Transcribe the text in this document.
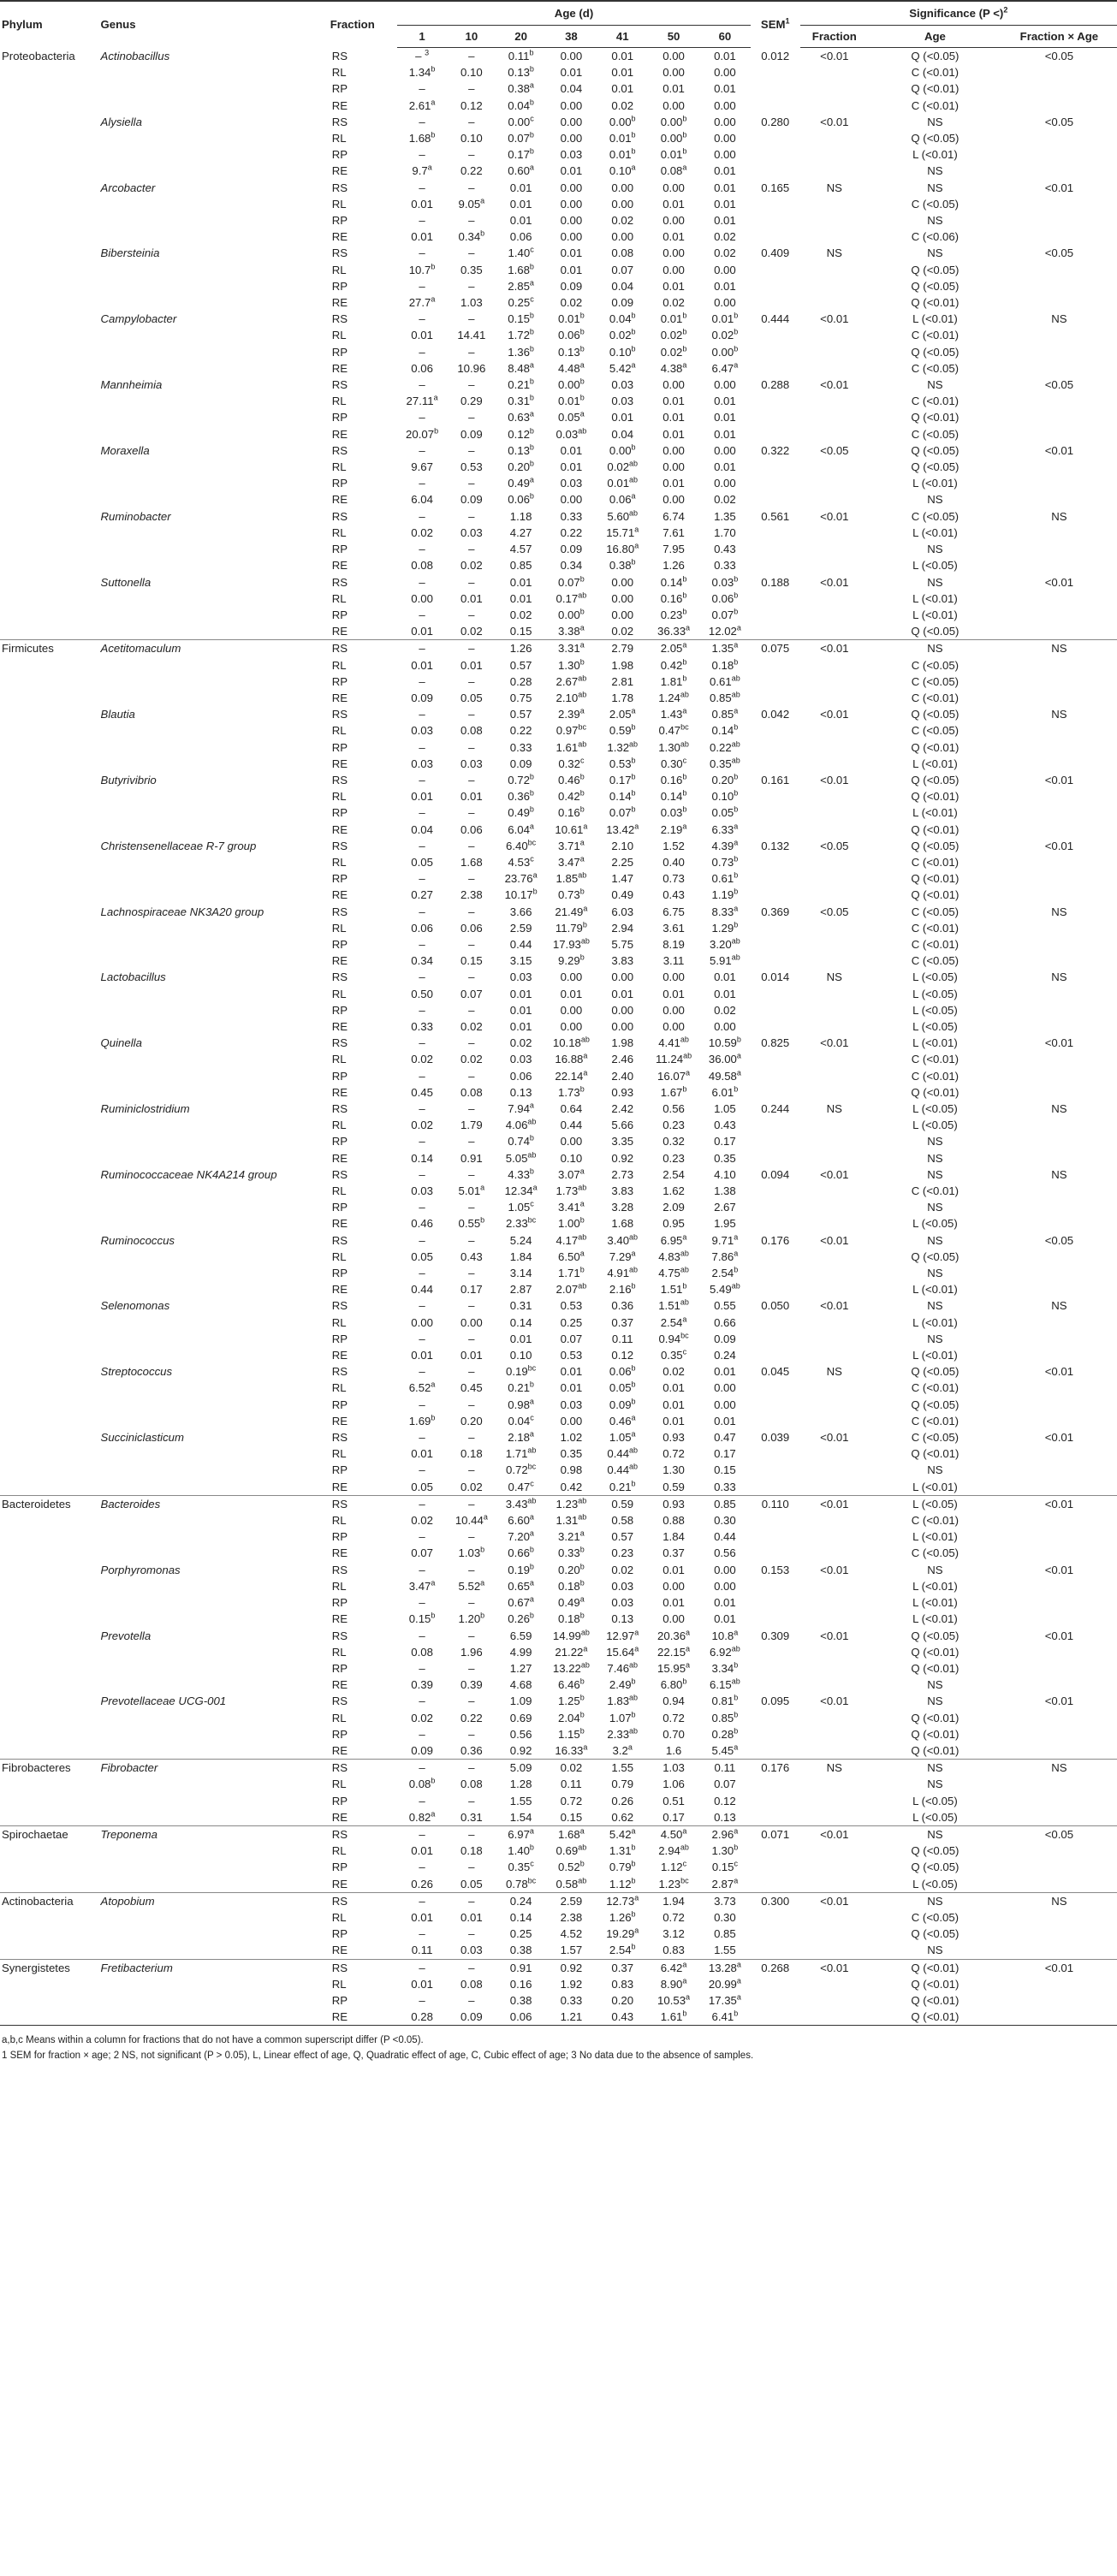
Phylum	Genus	Fraction	Age (d)							SEM$^1$	Significance (P <)$^2$
			1	10	20	38	41	50	60		Fraction	Age	Fraction × Age
Proteobacteria	Actinobacillus	RS	– $^3$	–	0.11$^b$	0.00	0.01	0.00	0.01	0.012	<0.01	Q (<0.05)	<0.05
		RL	1.34$^b$	0.10	0.13$^b$	0.01	0.01	0.00	0.00			C (<0.01)	
		RP	–	–	0.38$^a$	0.04	0.01	0.01	0.01			Q (<0.01)	
		RE	2.61$^a$	0.12	0.04$^b$	0.00	0.02	0.00	0.00			C (<0.01)	
	Alysiella	RS	–	–	0.00$^c$	0.00	0.00$^b$	0.00$^b$	0.00	0.280	<0.01	NS	<0.05
		RL	1.68$^b$	0.10	0.07$^b$	0.00	0.01$^b$	0.00$^b$	0.00			Q (<0.05)	
		RP	–	–	0.17$^b$	0.03	0.01$^b$	0.01$^b$	0.00			L (<0.01)	
		RE	9.7$^a$	0.22	0.60$^a$	0.01	0.10$^a$	0.08$^a$	0.01			NS	
	Arcobacter	RS	–	–	0.01	0.00	0.00	0.00	0.01	0.165	NS	NS	<0.01
		RL	0.01	9.05$^a$	0.01	0.00	0.00	0.01	0.01			C (<0.05)	
		RP	–	–	0.01	0.00	0.02	0.00	0.01			NS	
		RE	0.01	0.34$^b$	0.06	0.00	0.00	0.01	0.02			C (<0.06)	
	Bibersteinia	RS	–	–	1.40$^c$	0.01	0.08	0.00	0.02	0.409	NS	NS	<0.05
		RL	10.7$^b$	0.35	1.68$^b$	0.01	0.07	0.00	0.00			Q (<0.05)	
		RP	–	–	2.85$^a$	0.09	0.04	0.01	0.01			Q (<0.05)	
		RE	27.7$^a$	1.03	0.25$^c$	0.02	0.09	0.02	0.00			Q (<0.01)	
	Campylobacter	RS	–	–	0.15$^b$	0.01$^b$	0.04$^b$	0.01$^b$	0.01$^b$	0.444	<0.01	L (<0.01)	NS
		RL	0.01	14.41	1.72$^b$	0.06$^b$	0.02$^b$	0.02$^b$	0.02$^b$			C (<0.01)	
		RP	–	–	1.36$^b$	0.13$^b$	0.10$^b$	0.02$^b$	0.00$^b$			Q (<0.05)	
		RE	0.06	10.96	8.48$^a$	4.48$^a$	5.42$^a$	4.38$^a$	6.47$^a$			C (<0.05)	
	Mannheimia	RS	–	–	0.21$^b$	0.00$^b$	0.03	0.00	0.00	0.288	<0.01	NS	<0.05
		RL	27.11$^a$	0.29	0.31$^b$	0.01$^b$	0.03	0.01	0.01			C (<0.01)	
		RP	–	–	0.63$^a$	0.05$^a$	0.01	0.01	0.01			Q (<0.01)	
		RE	20.07$^b$	0.09	0.12$^b$	0.03$^{ab}$	0.04	0.01	0.01			C (<0.05)	
	Moraxella	RS	–	–	0.13$^b$	0.01	0.00$^b$	0.00	0.00	0.322	<0.05	Q (<0.05)	<0.01
		RL	9.67	0.53	0.20$^b$	0.01	0.02$^{ab}$	0.00	0.01			Q (<0.05)	
		RP	–	–	0.49$^a$	0.03	0.01$^{ab}$	0.01	0.00			L (<0.01)	
		RE	6.04	0.09	0.06$^b$	0.00	0.06$^a$	0.00	0.02			NS	
	Ruminobacter	RS	–	–	1.18	0.33	5.60$^{ab}$	6.74	1.35	0.561	<0.01	C (<0.05)	NS
		RL	0.02	0.03	4.27	0.22	15.71$^a$	7.61	1.70			L (<0.01)	
		RP	–	–	4.57	0.09	16.80$^a$	7.95	0.43			NS	
		RE	0.08	0.02	0.85	0.34	0.38$^b$	1.26	0.33			L (<0.05)	
	Suttonella	RS	–	–	0.01	0.07$^b$	0.00	0.14$^b$	0.03$^b$	0.188	<0.01	NS	<0.01
		RL	0.00	0.01	0.01	0.17$^{ab}$	0.00	0.16$^b$	0.06$^b$			L (<0.01)	
		RP	–	–	0.02	0.00$^b$	0.00	0.23$^b$	0.07$^b$			L (<0.01)	
		RE	0.01	0.02	0.15	3.38$^a$	0.02	36.33$^a$	12.02$^a$			Q (<0.05)	
Firmicutes	Acetitomaculum	RS	–	–	1.26	3.31$^a$	2.79	2.05$^a$	1.35$^a$	0.075	<0.01	NS	NS
		RL	0.01	0.01	0.57	1.30$^b$	1.98	0.42$^b$	0.18$^b$			C (<0.05)	
		RP	–	–	0.28	2.67$^{ab}$	2.81	1.81$^b$	0.61$^{ab}$			C (<0.05)	
		RE	0.09	0.05	0.75	2.10$^{ab}$	1.78	1.24$^{ab}$	0.85$^{ab}$			C (<0.01)	
	Blautia	RS	–	–	0.57	2.39$^a$	2.05$^a$	1.43$^a$	0.85$^a$	0.042	<0.01	Q (<0.05)	NS
		RL	0.03	0.08	0.22	0.97$^{bc}$	0.59$^b$	0.47$^{bc}$	0.14$^b$			C (<0.05)	
		RP	–	–	0.33	1.61$^{ab}$	1.32$^{ab}$	1.30$^{ab}$	0.22$^{ab}$			Q (<0.01)	
		RE	0.03	0.03	0.09	0.32$^c$	0.53$^b$	0.30$^c$	0.35$^{ab}$			L (<0.01)	
	Butyrivibrio	RS	–	–	0.72$^b$	0.46$^b$	0.17$^b$	0.16$^b$	0.20$^b$	0.161	<0.01	Q (<0.05)	<0.01
		RL	0.01	0.01	0.36$^b$	0.42$^b$	0.14$^b$	0.14$^b$	0.10$^b$			Q (<0.01)	
		RP	–	–	0.49$^b$	0.16$^b$	0.07$^b$	0.03$^b$	0.05$^b$			L (<0.01)	
		RE	0.04	0.06	6.04$^a$	10.61$^a$	13.42$^a$	2.19$^a$	6.33$^a$			Q (<0.01)	
	Christensenellaceae R-7 group	RS	–	–	6.40$^{bc}$	3.71$^a$	2.10	1.52	4.39$^a$	0.132	<0.05	Q (<0.05)	<0.01
		RL	0.05	1.68	4.53$^c$	3.47$^a$	2.25	0.40	0.73$^b$			C (<0.01)	
		RP	–	–	23.76$^a$	1.85$^{ab}$	1.47	0.73	0.61$^b$			Q (<0.01)	
		RE	0.27	2.38	10.17$^b$	0.73$^b$	0.49	0.43	1.19$^b$			Q (<0.01)	
	Lachnospiraceae NK3A20 group	RS	–	–	3.66	21.49$^a$	6.03	6.75	8.33$^a$	0.369	<0.05	C (<0.05)	NS
		RL	0.06	0.06	2.59	11.79$^b$	2.94	3.61	1.29$^b$			C (<0.01)	
		RP	–	–	0.44	17.93$^{ab}$	5.75	8.19	3.20$^{ab}$			C (<0.01)	
		RE	0.34	0.15	3.15	9.29$^b$	3.83	3.11	5.91$^{ab}$			C (<0.05)	
	Lactobacillus	RS	–	–	0.03	0.00	0.00	0.00	0.01	0.014	NS	L (<0.05)	NS
		RL	0.50	0.07	0.01	0.01	0.01	0.01	0.01			L (<0.05)	
		RP	–	–	0.01	0.00	0.00	0.00	0.02			L (<0.05)	
		RE	0.33	0.02	0.01	0.00	0.00	0.00	0.00			L (<0.05)	
	Quinella	RS	–	–	0.02	10.18$^{ab}$	1.98	4.41$^{ab}$	10.59$^b$	0.825	<0.01	L (<0.01)	<0.01
		RL	0.02	0.02	0.03	16.88$^a$	2.46	11.24$^{ab}$	36.00$^a$			C (<0.01)	
		RP	–	–	0.06	22.14$^a$	2.40	16.07$^a$	49.58$^a$			C (<0.01)	
		RE	0.45	0.08	0.13	1.73$^b$	0.93	1.67$^b$	6.01$^b$			Q (<0.01)	
	Ruminiclostridium	RS	–	–	7.94$^a$	0.64	2.42	0.56	1.05	0.244	NS	L (<0.05)	NS
		RL	0.02	1.79	4.06$^{ab}$	0.44	5.66	0.23	0.43			L (<0.05)	
		RP	–	–	0.74$^b$	0.00	3.35	0.32	0.17			NS	
		RE	0.14	0.91	5.05$^{ab}$	0.10	0.92	0.23	0.35			NS	
	Ruminococcaceae NK4A214 group	RS	–	–	4.33$^b$	3.07$^a$	2.73	2.54	4.10	0.094	<0.01	NS	NS
		RL	0.03	5.01$^a$	12.34$^a$	1.73$^{ab}$	3.83	1.62	1.38			C (<0.01)	
		RP	–	–	1.05$^c$	3.41$^a$	3.28	2.09	2.67			NS	
		RE	0.46	0.55$^b$	2.33$^{bc}$	1.00$^b$	1.68	0.95	1.95			L (<0.05)	
	Ruminococcus	RS	–	–	5.24	4.17$^{ab}$	3.40$^{ab}$	6.95$^a$	9.71$^a$	0.176	<0.01	NS	<0.05
		RL	0.05	0.43	1.84	6.50$^a$	7.29$^a$	4.83$^{ab}$	7.86$^a$			Q (<0.05)	
		RP	–	–	3.14	1.71$^b$	4.91$^{ab}$	4.75$^{ab}$	2.54$^b$			NS	
		RE	0.44	0.17	2.87	2.07$^{ab}$	2.16$^b$	1.51$^b$	5.49$^{ab}$			L (<0.01)	
	Selenomonas	RS	–	–	0.31	0.53	0.36	1.51$^{ab}$	0.55	0.050	<0.01	NS	NS
		RL	0.00	0.00	0.14	0.25	0.37	2.54$^a$	0.66			L (<0.01)	
		RP	–	–	0.01	0.07	0.11	0.94$^{bc}$	0.09			NS	
		RE	0.01	0.01	0.10	0.53	0.12	0.35$^c$	0.24			L (<0.01)	
	Streptococcus	RS	–	–	0.19$^{bc}$	0.01	0.06$^b$	0.02	0.01	0.045	NS	Q (<0.05)	<0.01
		RL	6.52$^a$	0.45	0.21$^b$	0.01	0.05$^b$	0.01	0.00			C (<0.01)	
		RP	–	–	0.98$^a$	0.03	0.09$^b$	0.01	0.00			Q (<0.05)	
		RE	1.69$^b$	0.20	0.04$^c$	0.00	0.46$^a$	0.01	0.01			C (<0.01)	
	Succiniclasticum	RS	–	–	2.18$^a$	1.02	1.05$^a$	0.93	0.47	0.039	<0.01	C (<0.05)	<0.01
		RL	0.01	0.18	1.71$^{ab}$	0.35	0.44$^{ab}$	0.72	0.17			Q (<0.01)	
		RP	–	–	0.72$^{bc}$	0.98	0.44$^{ab}$	1.30	0.15			NS	
		RE	0.05	0.02	0.47$^c$	0.42	0.21$^b$	0.59	0.33			L (<0.01)	
Bacteroidetes	Bacteroides	RS	–	–	3.43$^{ab}$	1.23$^{ab}$	0.59	0.93	0.85	0.110	<0.01	L (<0.05)	<0.01
		RL	0.02	10.44$^a$	6.60$^a$	1.31$^{ab}$	0.58	0.88	0.30			C (<0.01)	
		RP	–	–	7.20$^a$	3.21$^a$	0.57	1.84	0.44			L (<0.01)	
		RE	0.07	1.03$^b$	0.66$^b$	0.33$^b$	0.23	0.37	0.56			C (<0.05)	
	Porphyromonas	RS	–	–	0.19$^b$	0.20$^b$	0.02	0.01	0.00	0.153	<0.01	NS	<0.01
		RL	3.47$^a$	5.52$^a$	0.65$^a$	0.18$^b$	0.03	0.00	0.00			L (<0.01)	
		RP	–	–	0.67$^a$	0.49$^a$	0.03	0.01	0.01			L (<0.01)	
		RE	0.15$^b$	1.20$^b$	0.26$^b$	0.18$^b$	0.13	0.00	0.01			L (<0.01)	
	Prevotella	RS	–	–	6.59	14.99$^{ab}$	12.97$^a$	20.36$^a$	10.8$^a$	0.309	<0.01	Q (<0.05)	<0.01
		RL	0.08	1.96	4.99	21.22$^a$	15.64$^a$	22.15$^a$	6.92$^{ab}$			Q (<0.01)	
		RP	–	–	1.27	13.22$^{ab}$	7.46$^{ab}$	15.95$^a$	3.34$^b$			Q (<0.01)	
		RE	0.39	0.39	4.68	6.46$^b$	2.49$^b$	6.80$^b$	6.15$^{ab}$			NS	
	Prevotellaceae UCG-001	RS	–	–	1.09	1.25$^b$	1.83$^{ab}$	0.94	0.81$^b$	0.095	<0.01	NS	<0.01
		RL	0.02	0.22	0.69	2.04$^b$	1.07$^b$	0.72	0.85$^b$			Q (<0.01)	
		RP	–	–	0.56	1.15$^b$	2.33$^{ab}$	0.70	0.28$^b$			Q (<0.01)	
		RE	0.09	0.36	0.92	16.33$^a$	3.2$^a$	1.6	5.45$^a$			Q (<0.01)	
Fibrobacteres	Fibrobacter	RS	–	–	5.09	0.02	1.55	1.03	0.11	0.176	NS	NS	NS
		RL	0.08$^b$	0.08	1.28	0.11	0.79	1.06	0.07			NS	
		RP	–	–	1.55	0.72	0.26	0.51	0.12			L (<0.05)	
		RE	0.82$^a$	0.31	1.54	0.15	0.62	0.17	0.13			L (<0.05)	
Spirochaetae	Treponema	RS	–	–	6.97$^a$	1.68$^a$	5.42$^a$	4.50$^a$	2.96$^a$	0.071	<0.01	NS	<0.05
		RL	0.01	0.18	1.40$^b$	0.69$^{ab}$	1.31$^b$	2.94$^{ab}$	1.30$^b$			Q (<0.05)	
		RP	–	–	0.35$^c$	0.52$^b$	0.79$^b$	1.12$^c$	0.15$^c$			Q (<0.05)	
		RE	0.26	0.05	0.78$^{bc}$	0.58$^{ab}$	1.12$^b$	1.23$^{bc}$	2.87$^a$			L (<0.05)	
Actinobacteria	Atopobium	RS	–	–	0.24	2.59	12.73$^a$	1.94	3.73	0.300	<0.01	NS	NS
		RL	0.01	0.01	0.14	2.38	1.26$^b$	0.72	0.30			C (<0.05)	
		RP	–	–	0.25	4.52	19.29$^a$	3.12	0.85			Q (<0.05)	
		RE	0.11	0.03	0.38	1.57	2.54$^b$	0.83	1.55			NS	
Synergistetes	Fretibacterium	RS	–	–	0.91	0.92	0.37	6.42$^a$	13.28$^a$	0.268	<0.01	Q (<0.01)	<0.01
		RL	0.01	0.08	0.16	1.92	0.83	8.90$^a$	20.99$^a$			Q (<0.01)	
		RP	–	–	0.38	0.33	0.20	10.53$^a$	17.35$^a$			Q (<0.01)	
		RE	0.28	0.09	0.06	1.21	0.43	1.61$^b$	6.41$^b$			Q (<0.01)	
a,b,c Means within a column for fractions that do not have a common superscript differ (P <0.05).
1 SEM for fraction × age; 2 NS, not significant (P > 0.05), L, Linear effect of age, Q, Quadratic effect of age, C, Cubic effect of age; 3 No data due to the absence of samples.
